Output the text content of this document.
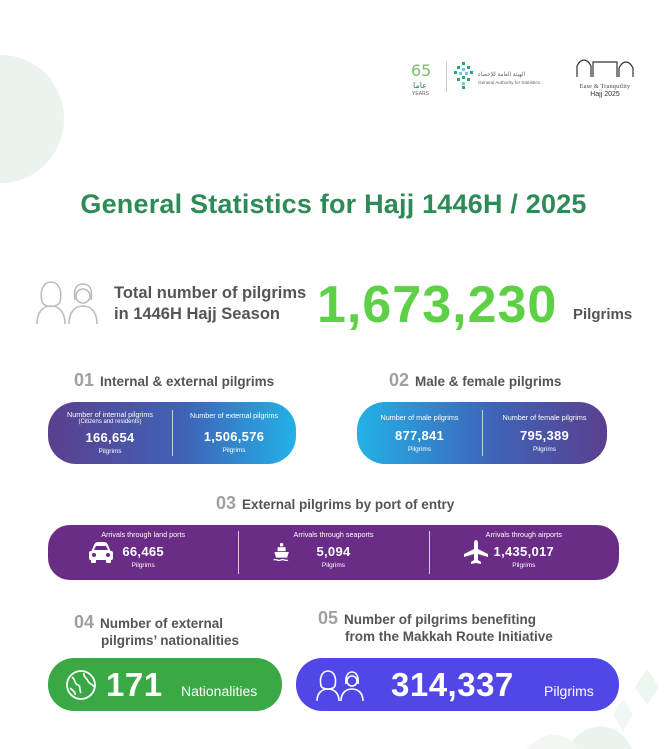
65
عاما
YEARS
الهيئة العامة للإحصاء
General Authority for Statistics
Ease & Tranquility
Hajj 2025
General Statistics for Hajj 1446H / 2025
Total number of pilgrims
in 1446H Hajj Season 1,673,230 Pilgrims
01 Internal & external pilgrims
Number of internal pilgrims
(Citizens and residents)
166,654
Pilgrims
Number of external pilgrims
1,506,576
Pilgrims
02 Male & female pilgrims
Number of male pilgrims
877,841
Pilgrims
Number of female pilgrims
795,389
Pilgrims
03 External pilgrims by port of entry
Arrivals through land ports
66,465
Pilgrims
Arrivals through seaports
5,094
Pilgrims
Arrivals through airports
1,435,017
Pilgrims
04 Number of external
pilgrims’ nationalities
171 Nationalities
05 Number of pilgrims benefiting
from the Makkah Route Initiative
314,337 Pilgrims
